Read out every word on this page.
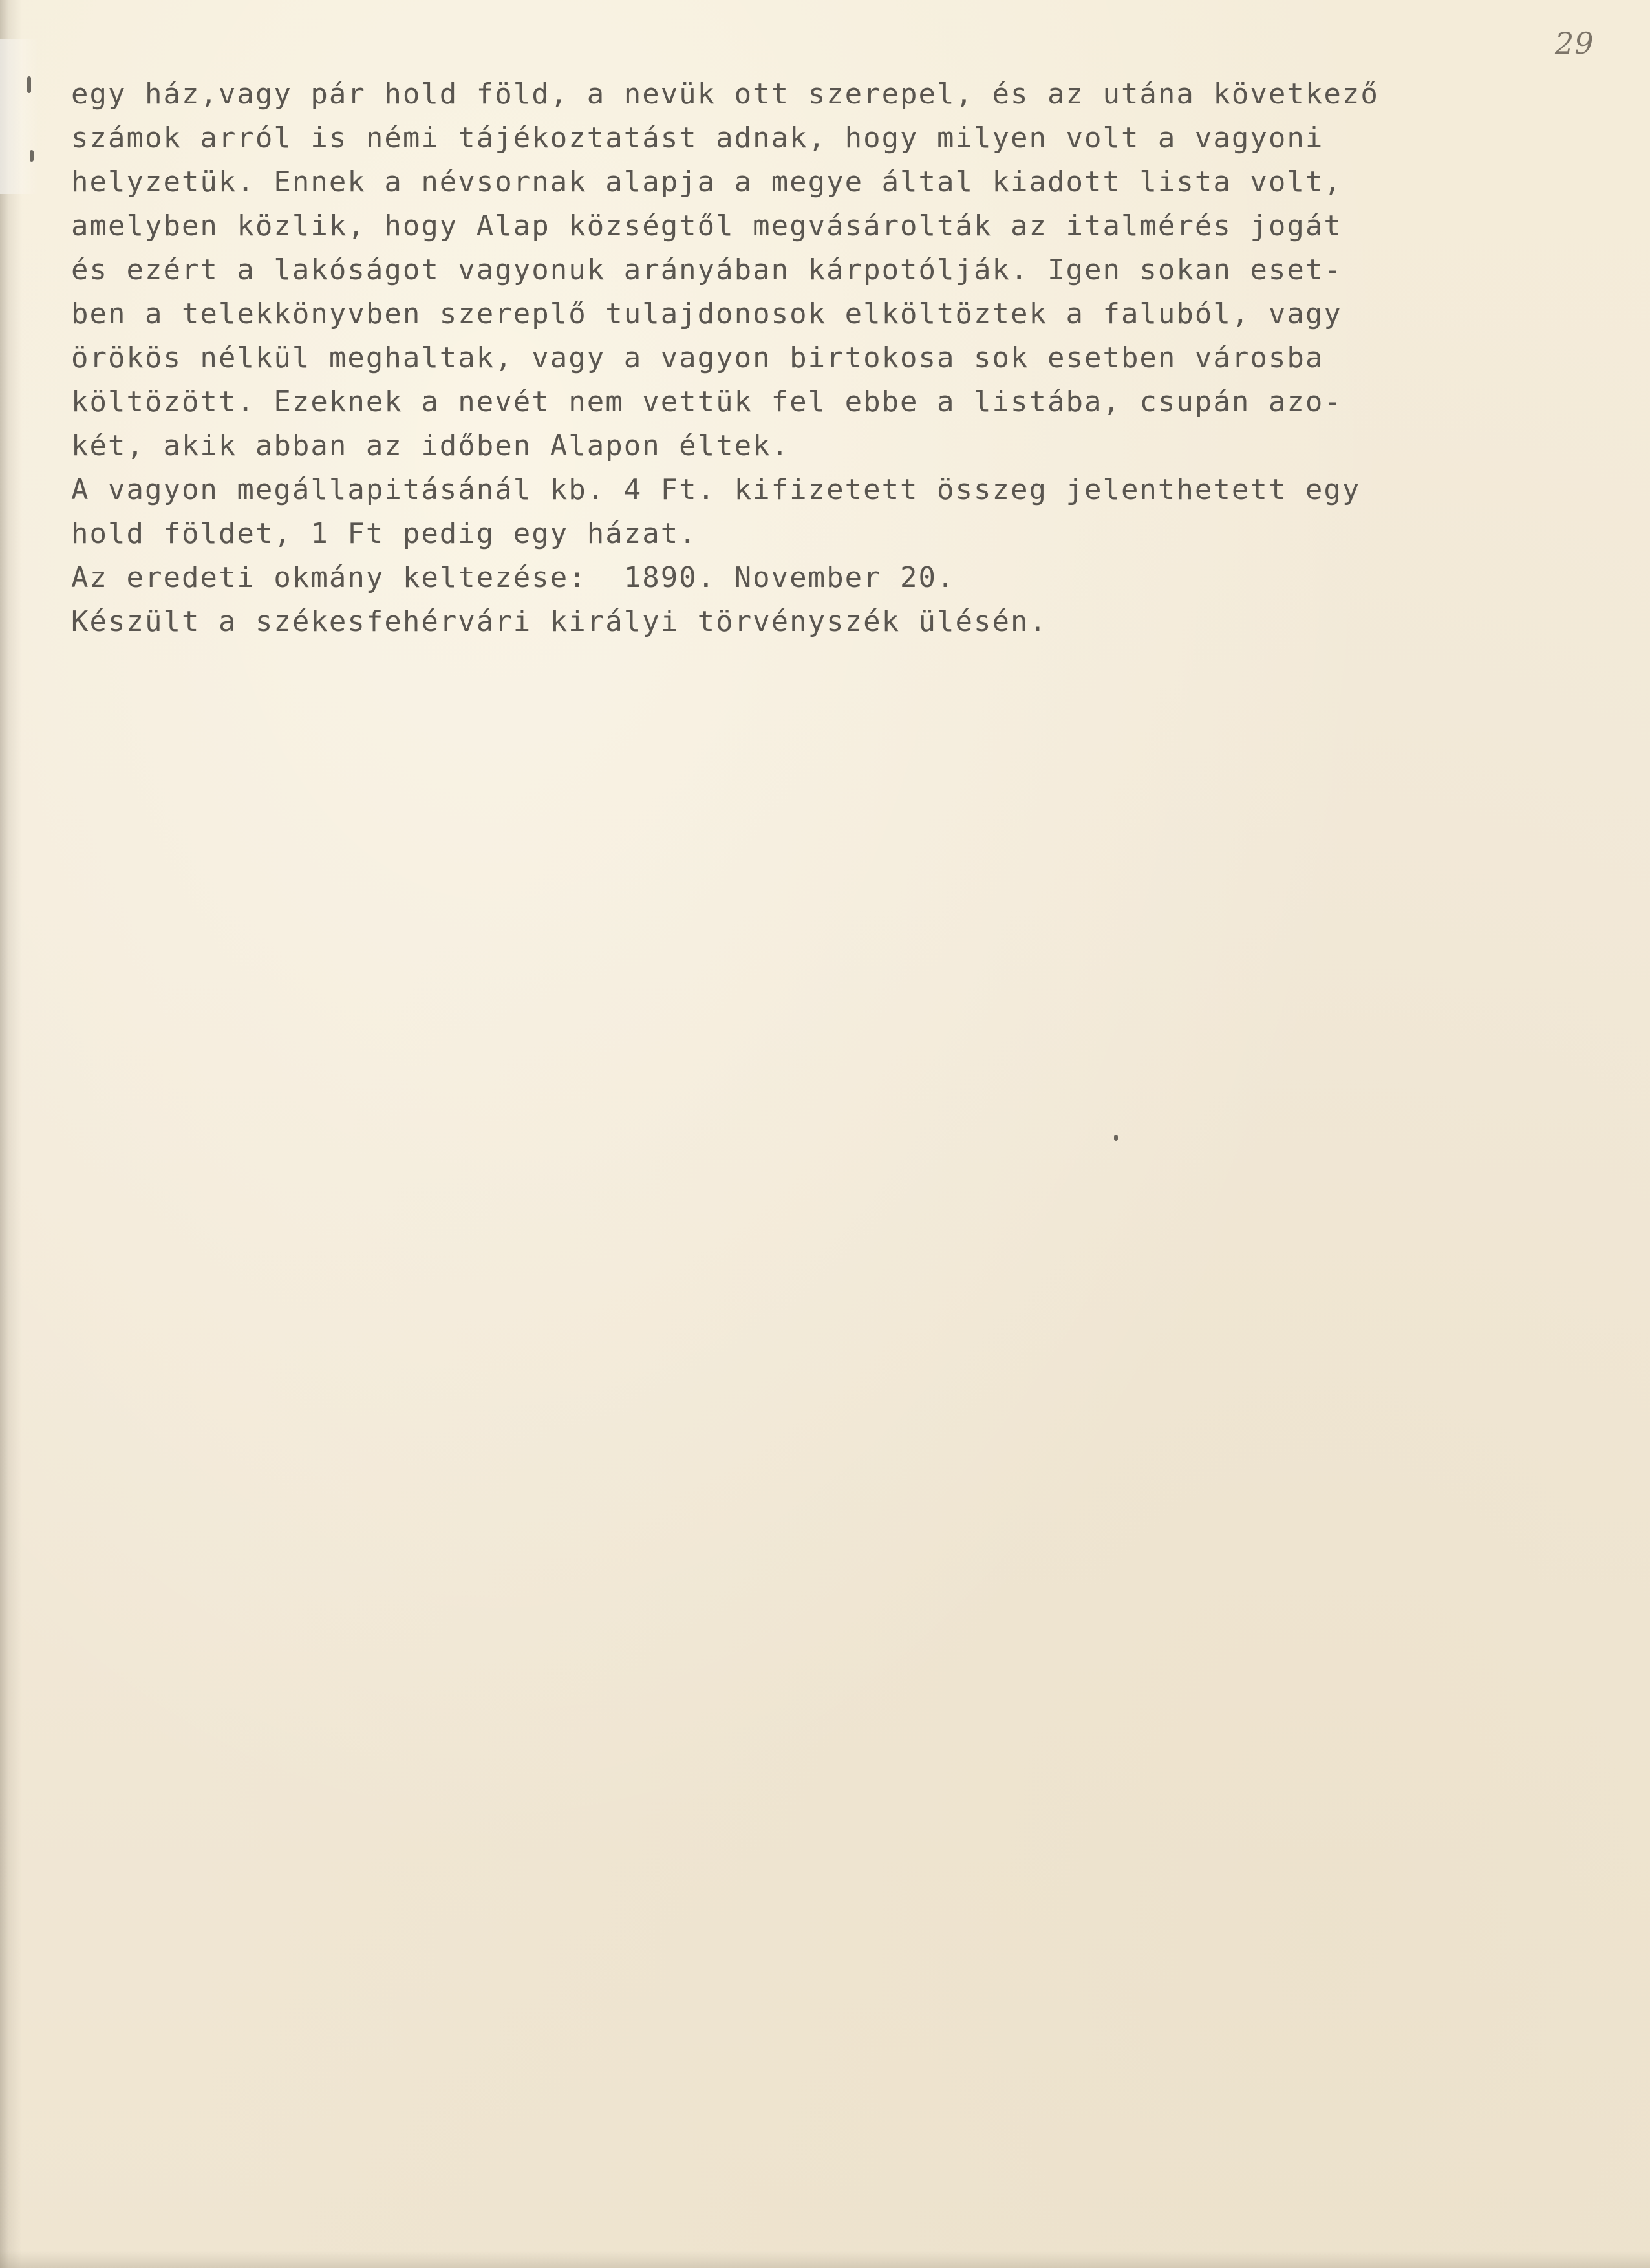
29
egy ház,vagy pár hold föld, a nevük ott szerepel, és az utána következő
számok arról is némi tájékoztatást adnak, hogy milyen volt a vagyoni
helyzetük. Ennek a névsornak alapja a megye által kiadott lista volt,
amelyben közlik, hogy Alap községtől megvásárolták az italmérés jogát
és ezért a lakóságot vagyonuk arányában kárpotólják. Igen sokan eset-
ben a telekkönyvben szereplő tulajdonosok elköltöztek a faluból, vagy
örökös nélkül meghaltak, vagy a vagyon birtokosa sok esetben városba
költözött. Ezeknek a nevét nem vettük fel ebbe a listába, csupán azo-
két, akik abban az időben Alapon éltek.
A vagyon megállapitásánál kb. 4 Ft. kifizetett összeg jelenthetett egy
hold földet, 1 Ft pedig egy házat.
Az eredeti okmány keltezése:  1890. November 20.
Készült a székesfehérvári királyi törvényszék ülésén.
